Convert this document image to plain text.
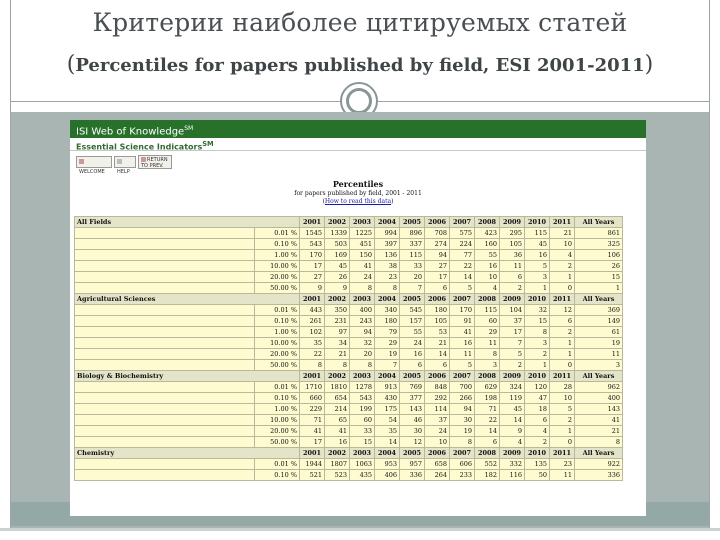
Критерии наиболее цитируемых статей
(Percentiles for papers published by field, ESI 2001-2011)
ISI Web of Knowledge℠
Essential Science Indicators℠
WELCOME	HELP
RETURN TO PREV.
Percentiles
for papers published by field, 2001 - 2011
(How to read this data)
All Fields		2001	2002	2003	2004	2005	2006	2007	2008	2009	2010	2011	All Years
	0.01 %	1545	1339	1225	994	896	708	575	423	295	115	21	861
	0.10 %	543	503	451	397	337	274	224	160	105	45	10	325
	1.00 %	170	169	150	136	115	94	77	55	36	16	4	106
	10.00 %	17	45	41	38	33	27	22	16	11	5	2	26
	20.00 %	27	26	24	23	20	17	14	10	6	3	1	15
	50.00 %	9	9	8	8	7	6	5	4	2	1	0	1
Agricultural Sciences		2001	2002	2003	2004	2005	2006	2007	2008	2009	2010	2011	All Years
	0.01 %	443	350	400	340	545	180	170	115	104	32	12	369
	0.10 %	261	231	243	180	157	105	91	60	37	15	6	149
	1.00 %	102	97	94	79	55	53	41	29	17	8	2	61
	10.00 %	35	34	32	29	24	21	16	11	7	3	1	19
	20.00 %	22	21	20	19	16	14	11	8	5	2	1	11
	50.00 %	8	8	8	7	6	6	5	3	2	1	0	3
Biology & Biochemistry		2001	2002	2003	2004	2005	2006	2007	2008	2009	2010	2011	All Years
	0.01 %	1710	1810	1278	913	769	848	700	629	324	120	28	962
	0.10 %	660	654	543	430	377	292	266	198	119	47	10	400
	1.00 %	229	214	199	175	143	114	94	71	45	18	5	143
	10.00 %	71	65	60	54	46	37	30	22	14	6	2	41
	20.00 %	41	41	33	35	30	24	19	14	9	4	1	21
	50.00 %	17	16	15	14	12	10	8	6	4	2	0	8
Chemistry		2001	2002	2003	2004	2005	2006	2007	2008	2009	2010	2011	All Years
	0.01 %	1944	1807	1063	953	957	658	606	552	332	135	23	922
	0.10 %	521	523	435	406	336	264	233	182	116	50	11	336
